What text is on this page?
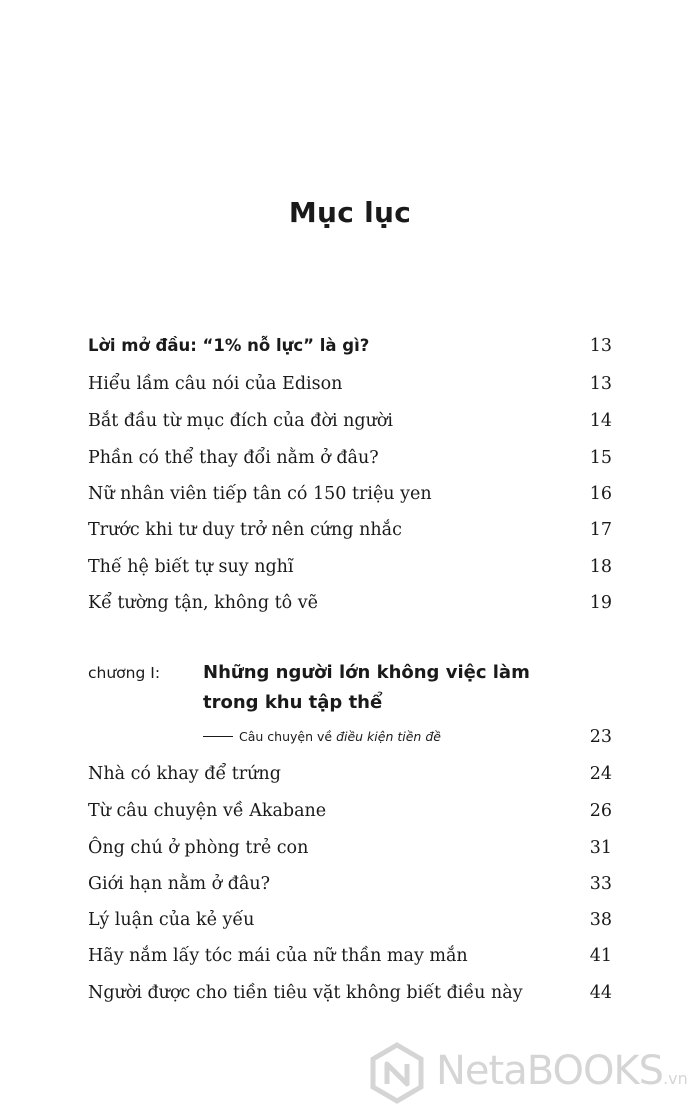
Mục lục
Lời mở đầu: “1% nỗ lực” là gì?	13
Hiểu lầm câu nói của Edison	13
Bắt đầu từ mục đích của đời người	14
Phần có thể thay đổi nằm ở đâu?	15
Nữ nhân viên tiếp tân có 150 triệu yen	16
Trước khi tư duy trở nên cứng nhắc	17
Thế hệ biết tự suy nghĩ	18
Kể tường tận, không tô vẽ	19
chương I: Những người lớn không việc làm
trong khu tập thể
Câu chuyện về điều kiện tiền đề	23
Nhà có khay để trứng	24
Từ câu chuyện về Akabane	26
Ông chú ở phòng trẻ con	31
Giới hạn nằm ở đâu?	33
Lý luận của kẻ yếu	38
Hãy nắm lấy tóc mái của nữ thần may mắn	41
Người được cho tiền tiêu vặt không biết điều này	44
NetaBOOKS.vn
